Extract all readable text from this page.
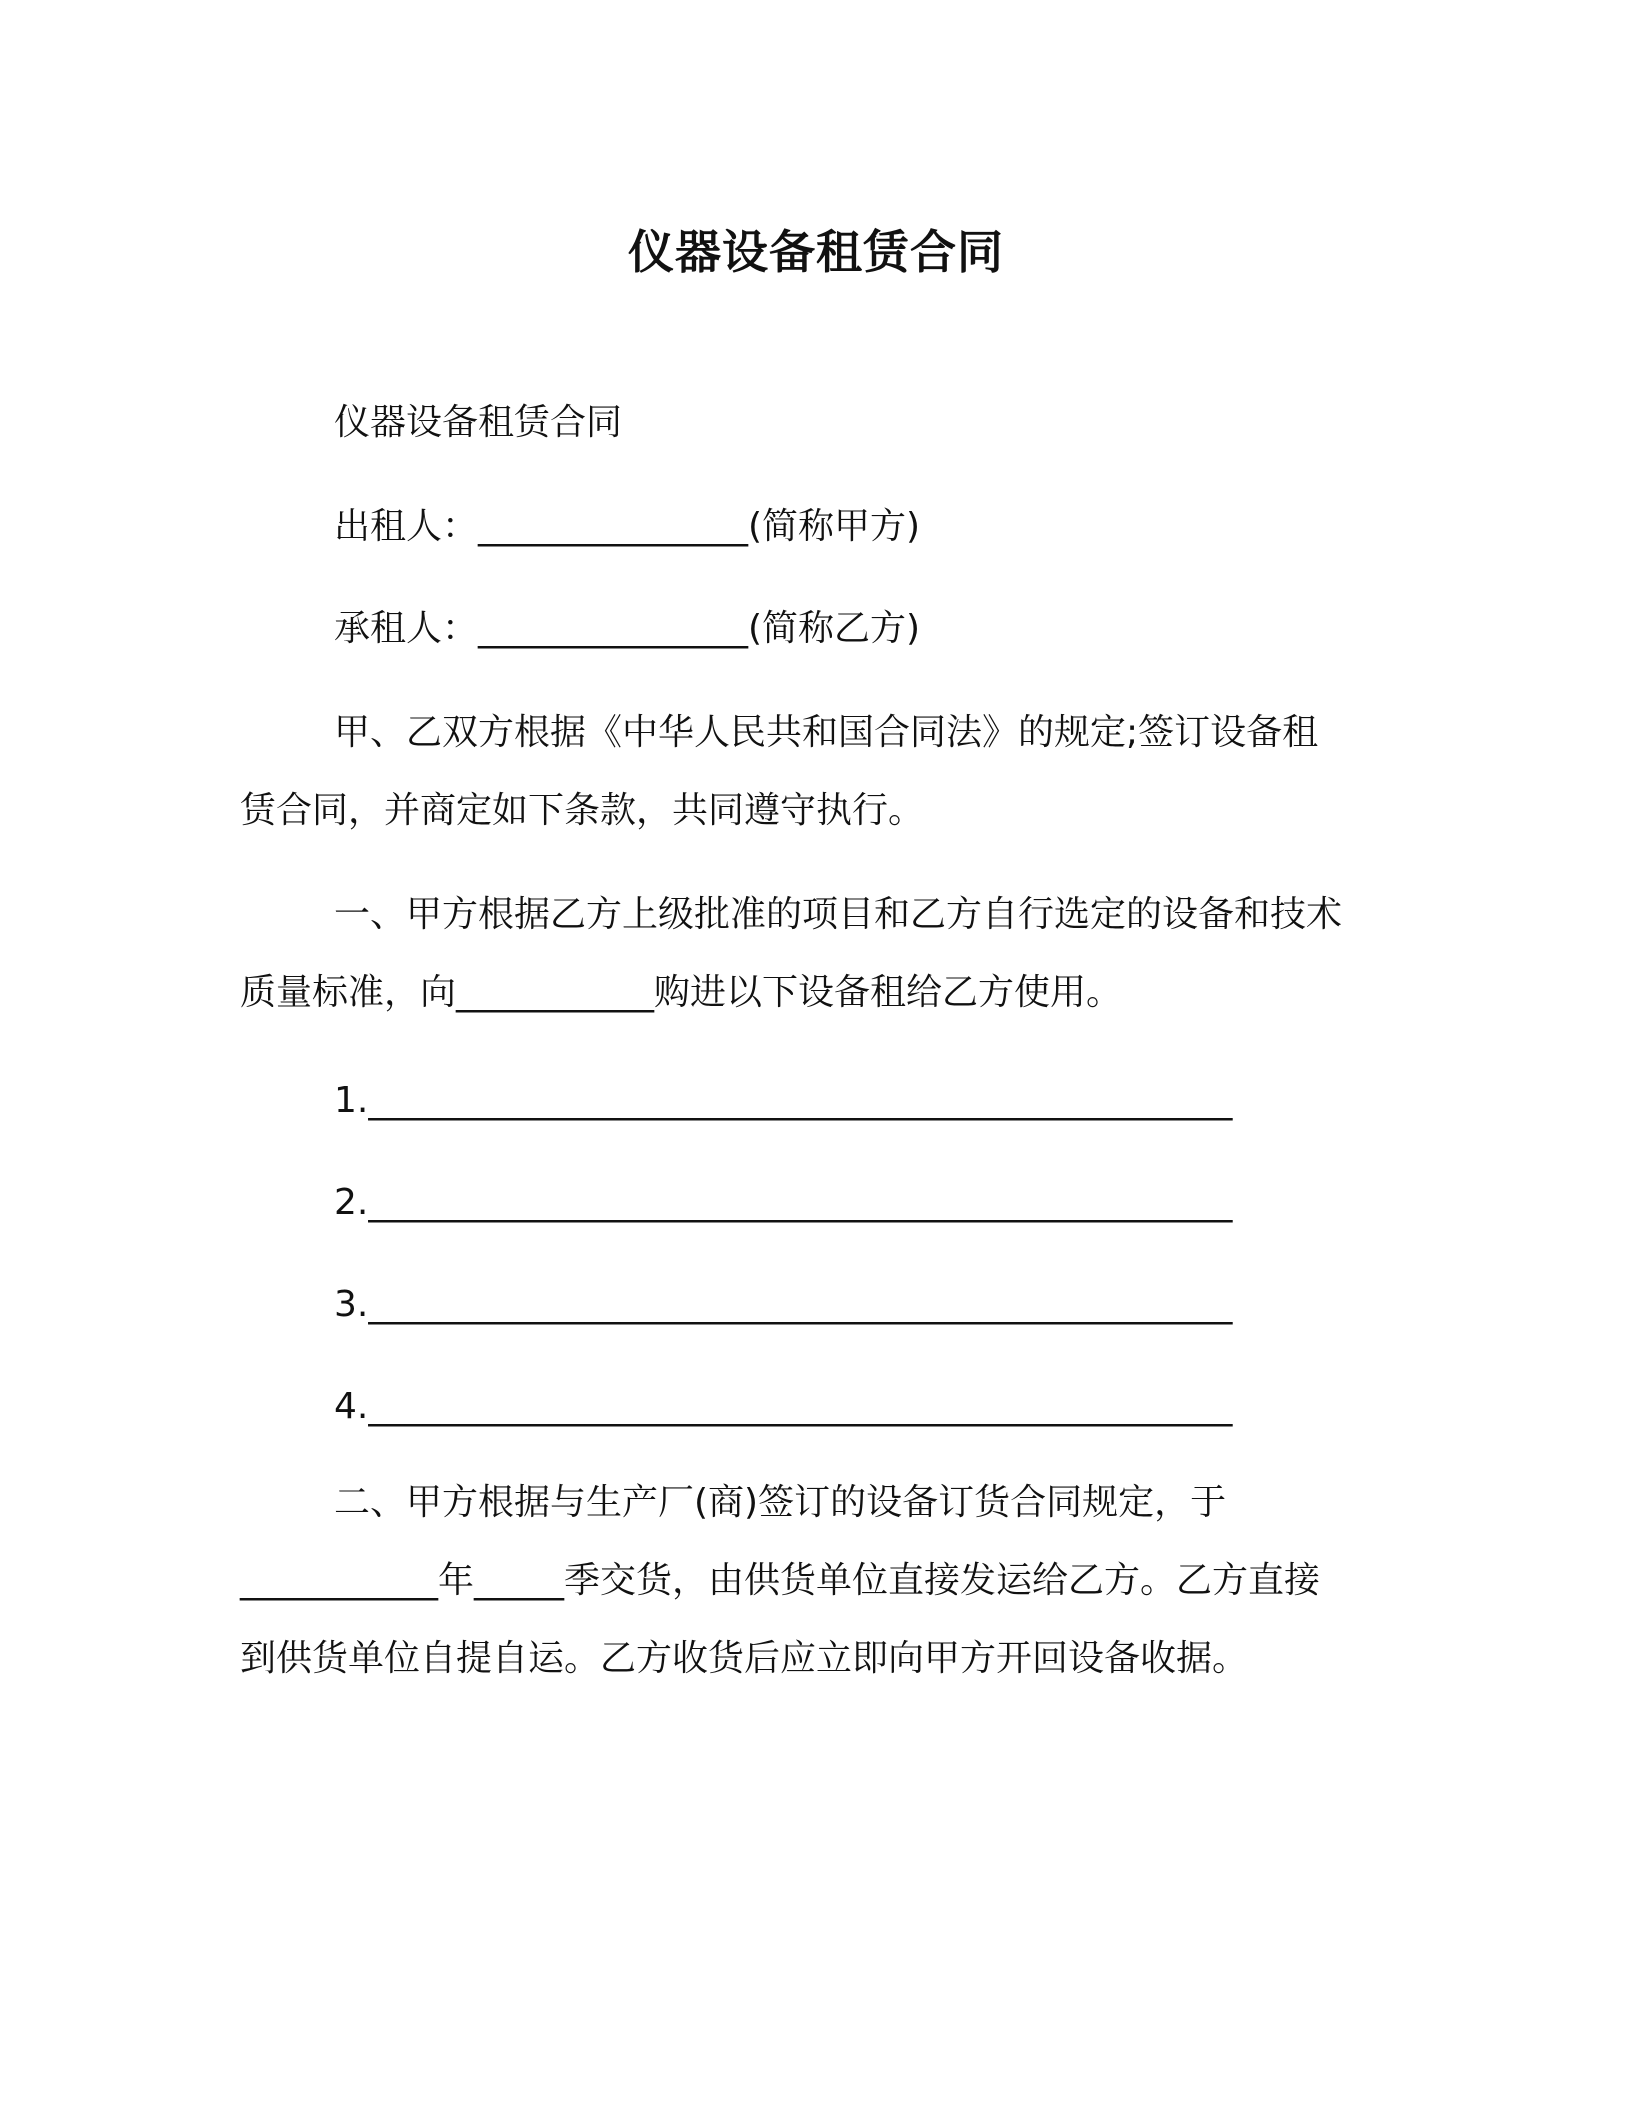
仪器设备租赁合同
仪器设备租赁合同
出租人：_______________(简称甲方)
承租人：_______________(简称乙方)
甲、乙双方根据《中华人民共和国合同法》的规定;签订设备租
赁合同，并商定如下条款，共同遵守执行。
一、甲方根据乙方上级批准的项目和乙方自行选定的设备和技术
质量标准，向___________购进以下设备租给乙方使用。
1.________________________________________________
2.________________________________________________
3.________________________________________________
4.________________________________________________
二、甲方根据与生产厂(商)签订的设备订货合同规定，于
___________年_____季交货，由供货单位直接发运给乙方。乙方直接
到供货单位自提自运。乙方收货后应立即向甲方开回设备收据。
